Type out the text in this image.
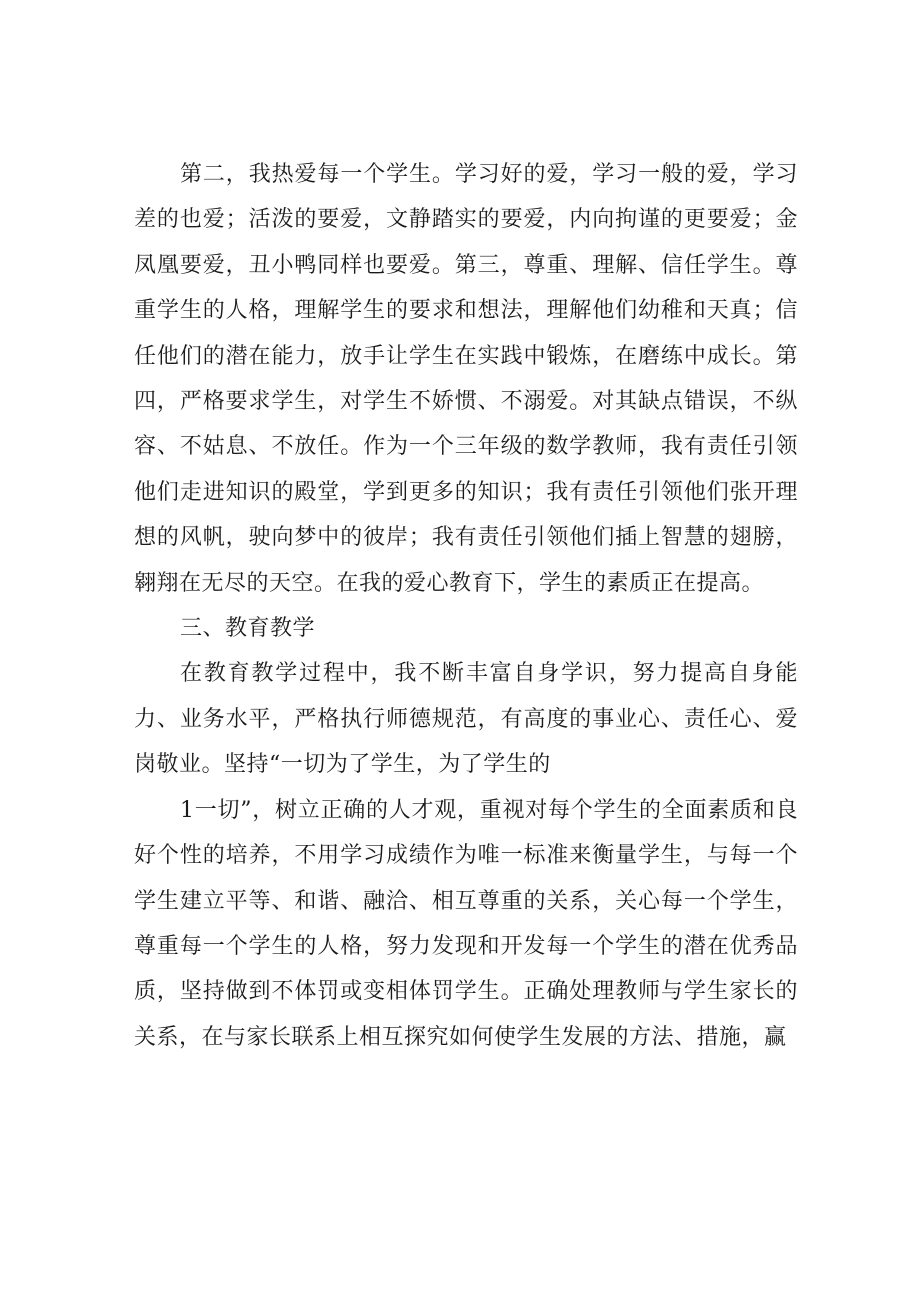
第二，我热爱每一个学生。学习好的爱，学习一般的爱，学习差的也爱；活泼的要爱，文静踏实的要爱，内向拘谨的更要爱；金凤凰要爱，丑小鸭同样也要爱。第三，尊重、理解、信任学生。尊重学生的人格，理解学生的要求和想法，理解他们幼稚和天真；信任他们的潜在能力，放手让学生在实践中锻炼，在磨练中成长。第四，严格要求学生，对学生不娇惯、不溺爱。对其缺点错误，不纵容、不姑息、不放任。作为一个三年级的数学教师，我有责任引领他们走进知识的殿堂，学到更多的知识；我有责任引领他们张开理想的风帆，驶向梦中的彼岸；我有责任引领他们插上智慧的翅膀，翱翔在无尽的天空。在我的爱心教育下，学生的素质正在提高。

三、教育教学

在教育教学过程中，我不断丰富自身学识，努力提高自身能力、业务水平，严格执行师德规范，有高度的事业心、责任心、爱岗敬业。坚持“一切为了学生，为了学生的

1一切”，树立正确的人才观，重视对每个学生的全面素质和良好个性的培养，不用学习成绩作为唯一标准来衡量学生，与每一个学生建立平等、和谐、融洽、相互尊重的关系，关心每一个学生，尊重每一个学生的人格，努力发现和开发每一个学生的潜在优秀品质，坚持做到不体罚或变相体罚学生。正确处理教师与学生家长的关系，在与家长联系上相互探究如何使学生发展的方法、措施，赢
